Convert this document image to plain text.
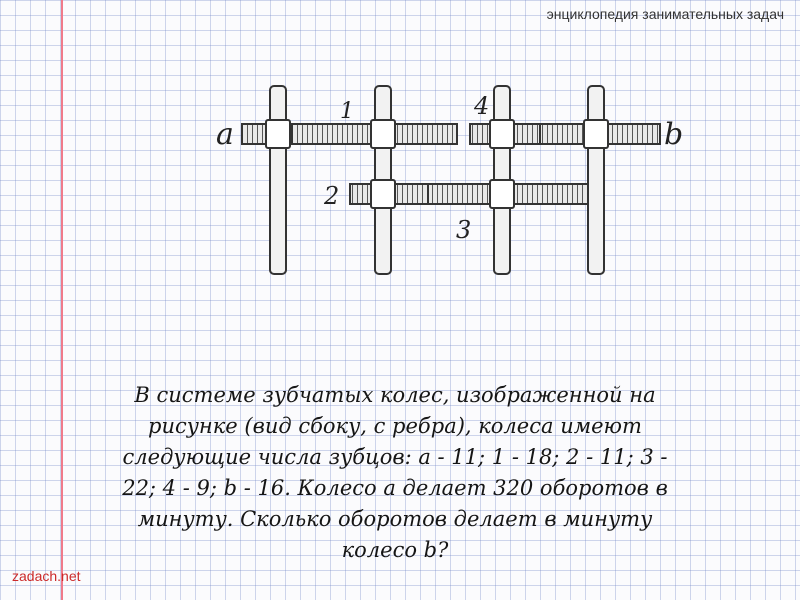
энциклопедия занимательных задач
a	b
1	4
2
3
В системе зубчатых колес, изображенной на рисунке (вид сбоку, с ребра), колеса имеют следующие числа зубцов: а - 11; 1 - 18; 2 - 11; 3 - 22; 4 - 9; b - 16. Колесо а делает 320 оборотов в минуту. Сколько оборотов делает в минуту колесо b?
zadach.net
